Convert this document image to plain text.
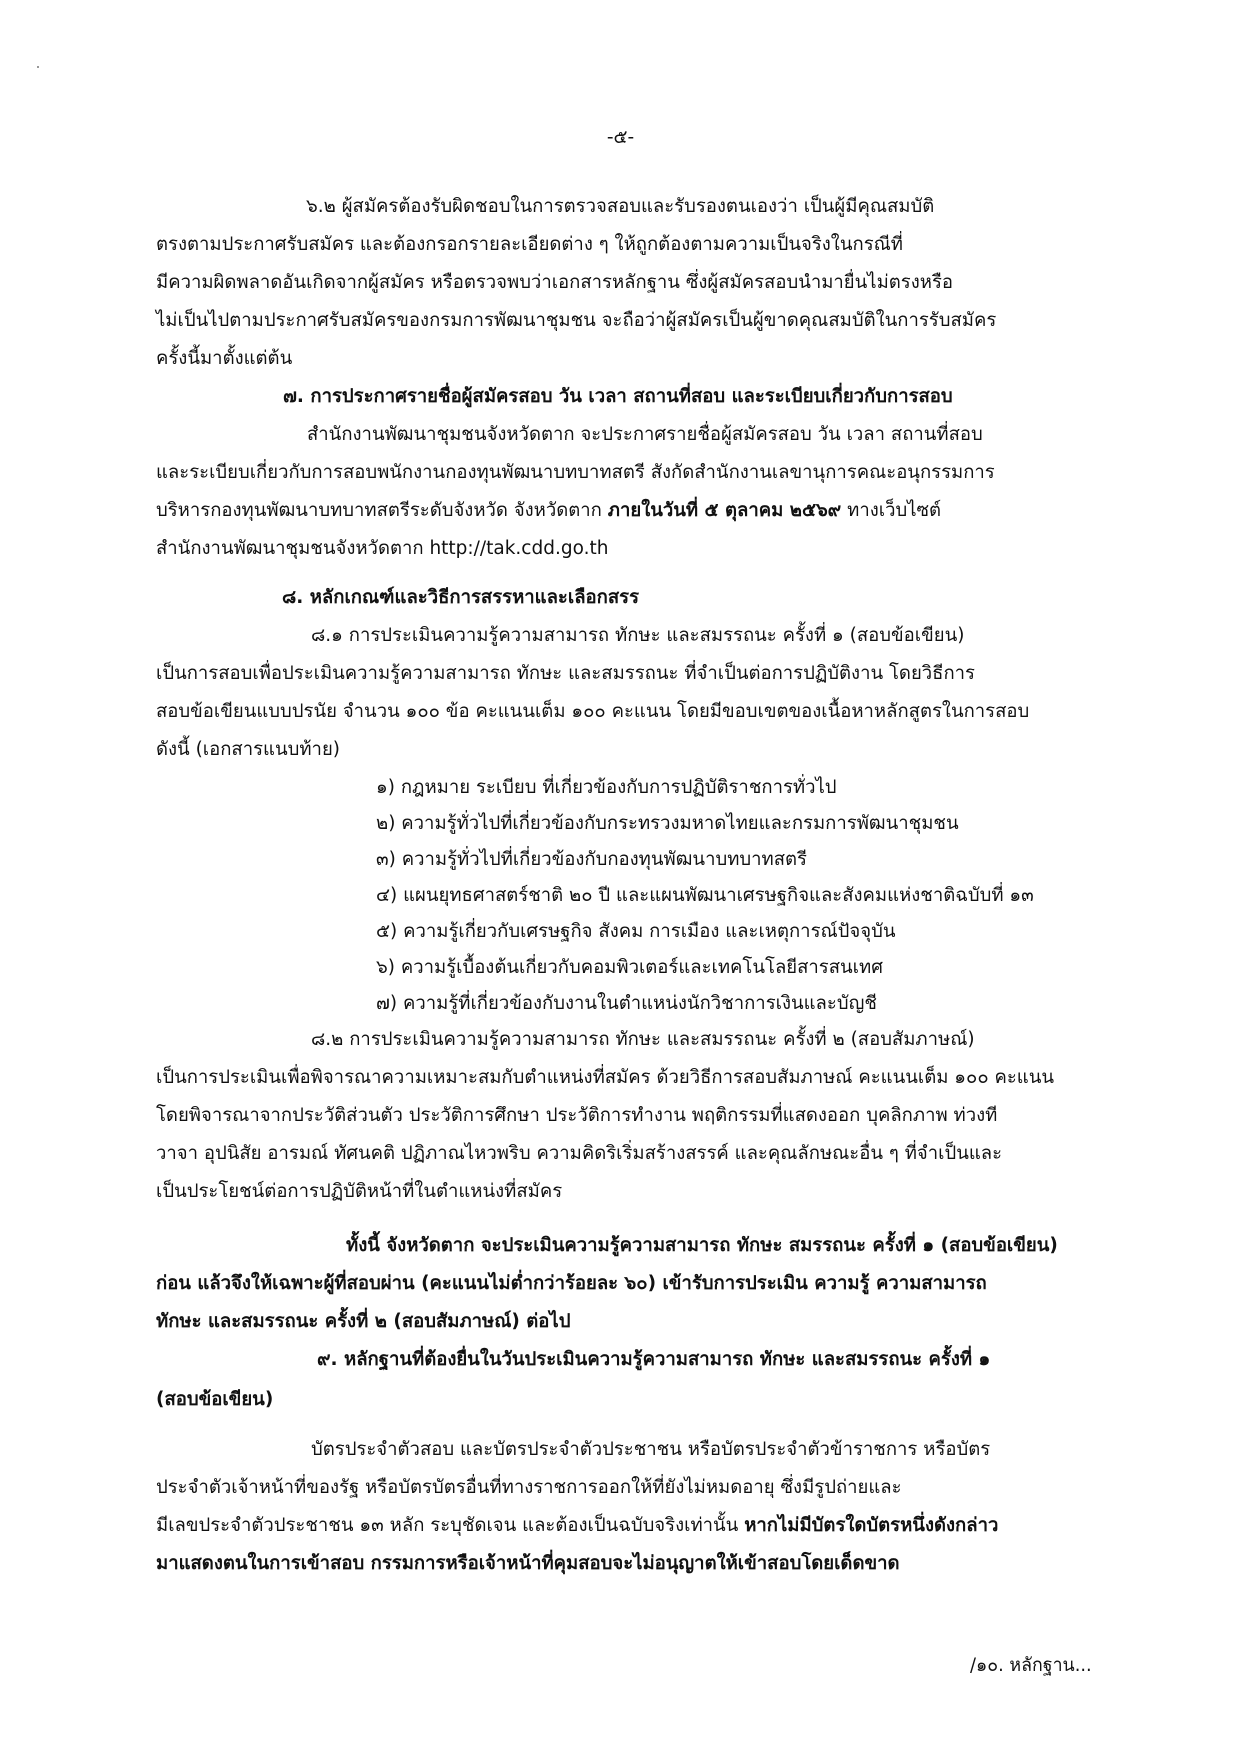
-๕-
๖.๒ ผู้สมัครต้องรับผิดชอบในการตรวจสอบและรับรองตนเองว่า เป็นผู้มีคุณสมบัติ
ตรงตามประกาศรับสมัคร และต้องกรอกรายละเอียดต่าง ๆ ให้ถูกต้องตามความเป็นจริงในกรณีที่
มีความผิดพลาดอันเกิดจากผู้สมัคร หรือตรวจพบว่าเอกสารหลักฐาน ซึ่งผู้สมัครสอบนำมายื่นไม่ตรงหรือ
ไม่เป็นไปตามประกาศรับสมัครของกรมการพัฒนาชุมชน จะถือว่าผู้สมัครเป็นผู้ขาดคุณสมบัติในการรับสมัคร
ครั้งนี้มาตั้งแต่ต้น
๗. การประกาศรายชื่อผู้สมัครสอบ วัน เวลา สถานที่สอบ และระเบียบเกี่ยวกับการสอบ
สำนักงานพัฒนาชุมชนจังหวัดตาก จะประกาศรายชื่อผู้สมัครสอบ วัน เวลา สถานที่สอบ
และระเบียบเกี่ยวกับการสอบพนักงานกองทุนพัฒนาบทบาทสตรี สังกัดสำนักงานเลขานุการคณะอนุกรรมการ
บริหารกองทุนพัฒนาบทบาทสตรีระดับจังหวัด จังหวัดตาก ภายในวันที่ ๕ ตุลาคม ๒๕๖๙ ทางเว็บไซต์
สำนักงานพัฒนาชุมชนจังหวัดตาก http://tak.cdd.go.th
๘. หลักเกณฑ์และวิธีการสรรหาและเลือกสรร
๘.๑ การประเมินความรู้ความสามารถ ทักษะ และสมรรถนะ ครั้งที่ ๑ (สอบข้อเขียน)
เป็นการสอบเพื่อประเมินความรู้ความสามารถ ทักษะ และสมรรถนะ ที่จำเป็นต่อการปฏิบัติงาน โดยวิธีการ
สอบข้อเขียนแบบปรนัย จำนวน ๑๐๐ ข้อ คะแนนเต็ม ๑๐๐ คะแนน โดยมีขอบเขตของเนื้อหาหลักสูตรในการสอบ
ดังนี้ (เอกสารแนบท้าย)
๑) กฎหมาย ระเบียบ ที่เกี่ยวข้องกับการปฏิบัติราชการทั่วไป
๒) ความรู้ทั่วไปที่เกี่ยวข้องกับกระทรวงมหาดไทยและกรมการพัฒนาชุมชน
๓) ความรู้ทั่วไปที่เกี่ยวข้องกับกองทุนพัฒนาบทบาทสตรี
๔) แผนยุทธศาสตร์ชาติ ๒๐ ปี และแผนพัฒนาเศรษฐกิจและสังคมแห่งชาติฉบับที่ ๑๓
๕) ความรู้เกี่ยวกับเศรษฐกิจ สังคม การเมือง และเหตุการณ์ปัจจุบัน
๖) ความรู้เบื้องต้นเกี่ยวกับคอมพิวเตอร์และเทคโนโลยีสารสนเทศ
๗) ความรู้ที่เกี่ยวข้องกับงานในตำแหน่งนักวิชาการเงินและบัญชี
๘.๒ การประเมินความรู้ความสามารถ ทักษะ และสมรรถนะ ครั้งที่ ๒ (สอบสัมภาษณ์)
เป็นการประเมินเพื่อพิจารณาความเหมาะสมกับตำแหน่งที่สมัคร ด้วยวิธีการสอบสัมภาษณ์ คะแนนเต็ม ๑๐๐ คะแนน
โดยพิจารณาจากประวัติส่วนตัว ประวัติการศึกษา ประวัติการทำงาน พฤติกรรมที่แสดงออก บุคลิกภาพ ท่วงที
วาจา อุปนิสัย อารมณ์ ทัศนคติ ปฏิภาณไหวพริบ ความคิดริเริ่มสร้างสรรค์ และคุณลักษณะอื่น ๆ ที่จำเป็นและ
เป็นประโยชน์ต่อการปฏิบัติหน้าที่ในตำแหน่งที่สมัคร
ทั้งนี้ จังหวัดตาก จะประเมินความรู้ความสามารถ ทักษะ สมรรถนะ ครั้งที่ ๑ (สอบข้อเขียน)
ก่อน แล้วจึงให้เฉพาะผู้ที่สอบผ่าน (คะแนนไม่ต่ำกว่าร้อยละ ๖๐) เข้ารับการประเมิน ความรู้ ความสามารถ
ทักษะ และสมรรถนะ ครั้งที่ ๒ (สอบสัมภาษณ์) ต่อไป
๙. หลักฐานที่ต้องยื่นในวันประเมินความรู้ความสามารถ ทักษะ และสมรรถนะ ครั้งที่ ๑
(สอบข้อเขียน)
บัตรประจำตัวสอบ และบัตรประจำตัวประชาชน หรือบัตรประจำตัวข้าราชการ หรือบัตร
ประจำตัวเจ้าหน้าที่ของรัฐ หรือบัตรบัตรอื่นที่ทางราชการออกให้ที่ยังไม่หมดอายุ ซึ่งมีรูปถ่ายและ
มีเลขประจำตัวประชาชน ๑๓ หลัก ระบุชัดเจน และต้องเป็นฉบับจริงเท่านั้น หากไม่มีบัตรใดบัตรหนึ่งดังกล่าว
มาแสดงตนในการเข้าสอบ กรรมการหรือเจ้าหน้าที่คุมสอบจะไม่อนุญาตให้เข้าสอบโดยเด็ดขาด
/๑๐. หลักฐาน...
